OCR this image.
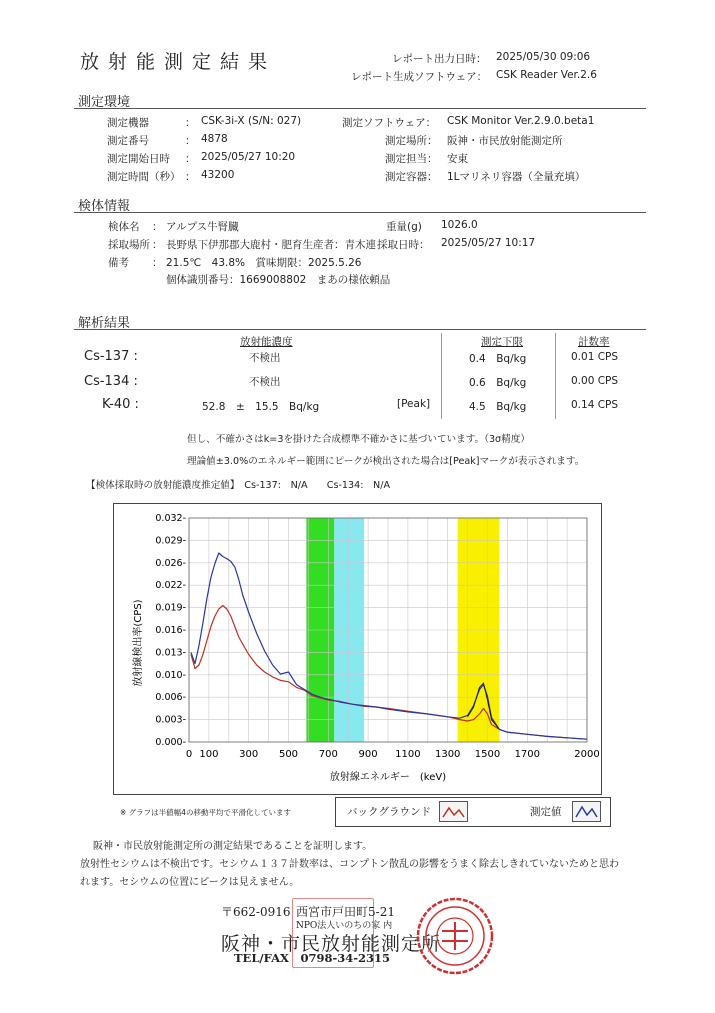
放射能測定結果	レポート出力日時： 2025/05/30 09:06
レポート生成ソフトウェア： CSK Reader Ver.2.6
測定環境
測定機器	： CSK-3i-X (S/N: 027)
測定番号	： 4878
測定開始日時 ： 2025/05/27 10:20
測定時間（秒） ： 43200
測定ソフトウェア： CSK Monitor Ver.2.9.0.beta1
測定場所： 阪神・市民放射能測定所
測定担当： 安東
測定容器： 1Lマリネリ容器（全量充填）
検体情報
検体名 ： アルプス牛腎臓	重量(g) 1026.0
採取場所 ： 長野県下伊那郡大鹿村・肥育生産者：青木連 採取日時： 2025/05/27 10:17
備考 ： 21.5℃　43.8%　賞味期限：2025.5.26
個体識別番号：1669008802　まあの様依頼品
解析結果
放射能濃度	測定下限	計数率
Cs-137 :	不検出	0.4　Bq/kg	0.01 CPS
Cs-134 :	不検出	0.6　Bq/kg	0.00 CPS
K-40 :	52.8　±　15.5　Bq/kg	[Peak]	4.5　Bq/kg	0.14 CPS
但し、不確かさはk=3を掛けた合成標準不確かさに基づいています。（3σ精度）
理論値±3.0%のエネルギー範囲にピークが検出された場合は[Peak]マークが表示されます。
【検体採取時の放射能濃度推定値】　Cs-137:　N/A　　Cs-134:　N/A
0.000-
0.003-
0.006-
0.010-
0.013-
0.016-
0.019-
0.022-
0.026-
0.029-
0.032-
0 100 300 500 700 900 1100 1300 1500 1700	2000
放射線エネルギー　(keV)
放射線検出率(CPS)
※ グラフは半値幅4の移動平均で平滑化しています	バックグラウンド	測定値
阪神・市民放射能測定所の測定結果であることを証明します。
放射性セシウムは不検出です。セシウム１３７計数率は、コンプトン散乱の影響をうまく除去しきれていないためと思わ
れます。セシウムの位置にピークは見えません。
〒662-0916 西宮市戸田町5-21
NPO法人いのちの家 内
阪神・市民放射能測定所
TEL/FAX　0798-34-2315
